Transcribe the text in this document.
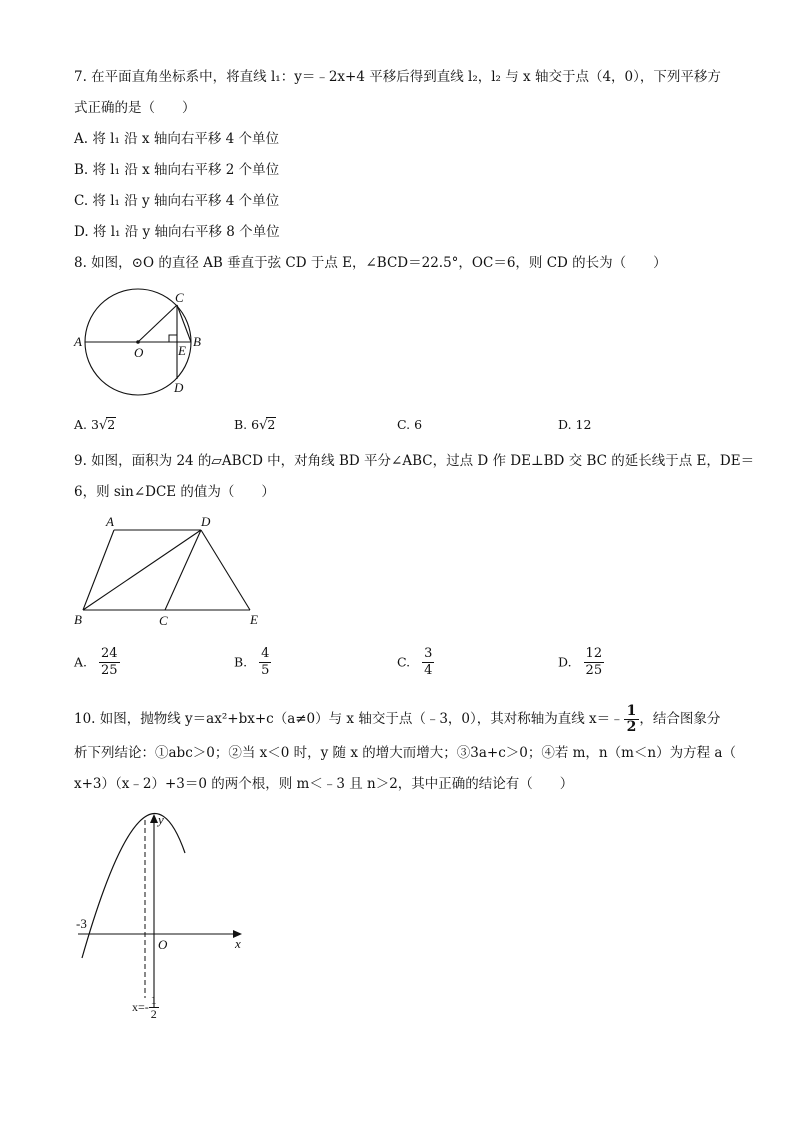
7. 在平面直角坐标系中，将直线 l₁：y＝﹣2x+4 平移后得到直线 l₂，l₂ 与 x 轴交于点（4，0），下列平移方
式正确的是（　　）
A. 将 l₁ 沿 x 轴向右平移 4 个单位
B. 将 l₁ 沿 x 轴向右平移 2 个单位
C. 将 l₁ 沿 y 轴向右平移 4 个单位
D. 将 l₁ 沿 y 轴向右平移 8 个单位
8. 如图，⊙O 的直径 AB 垂直于弦 CD 于点 E，∠BCD＝22.5°，OC＝6，则 CD 的长为（　　）
A
O	E
B
C
D
A. 3√2	B. 6√2	C. 6	D. 12
9. 如图，面积为 24 的▱ABCD 中，对角线 BD 平分∠ABC，过点 D 作 DE⊥BD 交 BC 的延长线于点 E，DE＝
6，则 sin∠DCE 的值为（　　）
A	D
B	C	E
A. $\frac{24}{25}$	B. $\frac{4}{5}$	C. $\frac{3}{4}$	D. $\frac{12}{25}$
10. 如图，抛物线 y＝ax²+bx+c（a≠0）与 x 轴交于点（﹣3，0），其对称轴为直线 x＝﹣ $\frac{1}{2}$ ，结合图象分
析下列结论：①abc＞0；②当 x＜0 时，y 随 x 的增大而增大；③3a+c＞0；④若 m，n（m＜n）为方程 a（
x+3）（x﹣2）+3＝0 的两个根，则 m＜﹣3 且 n＞2，其中正确的结论有（　　）
y
x
O
-3
$x=- \frac{1}{2}$
